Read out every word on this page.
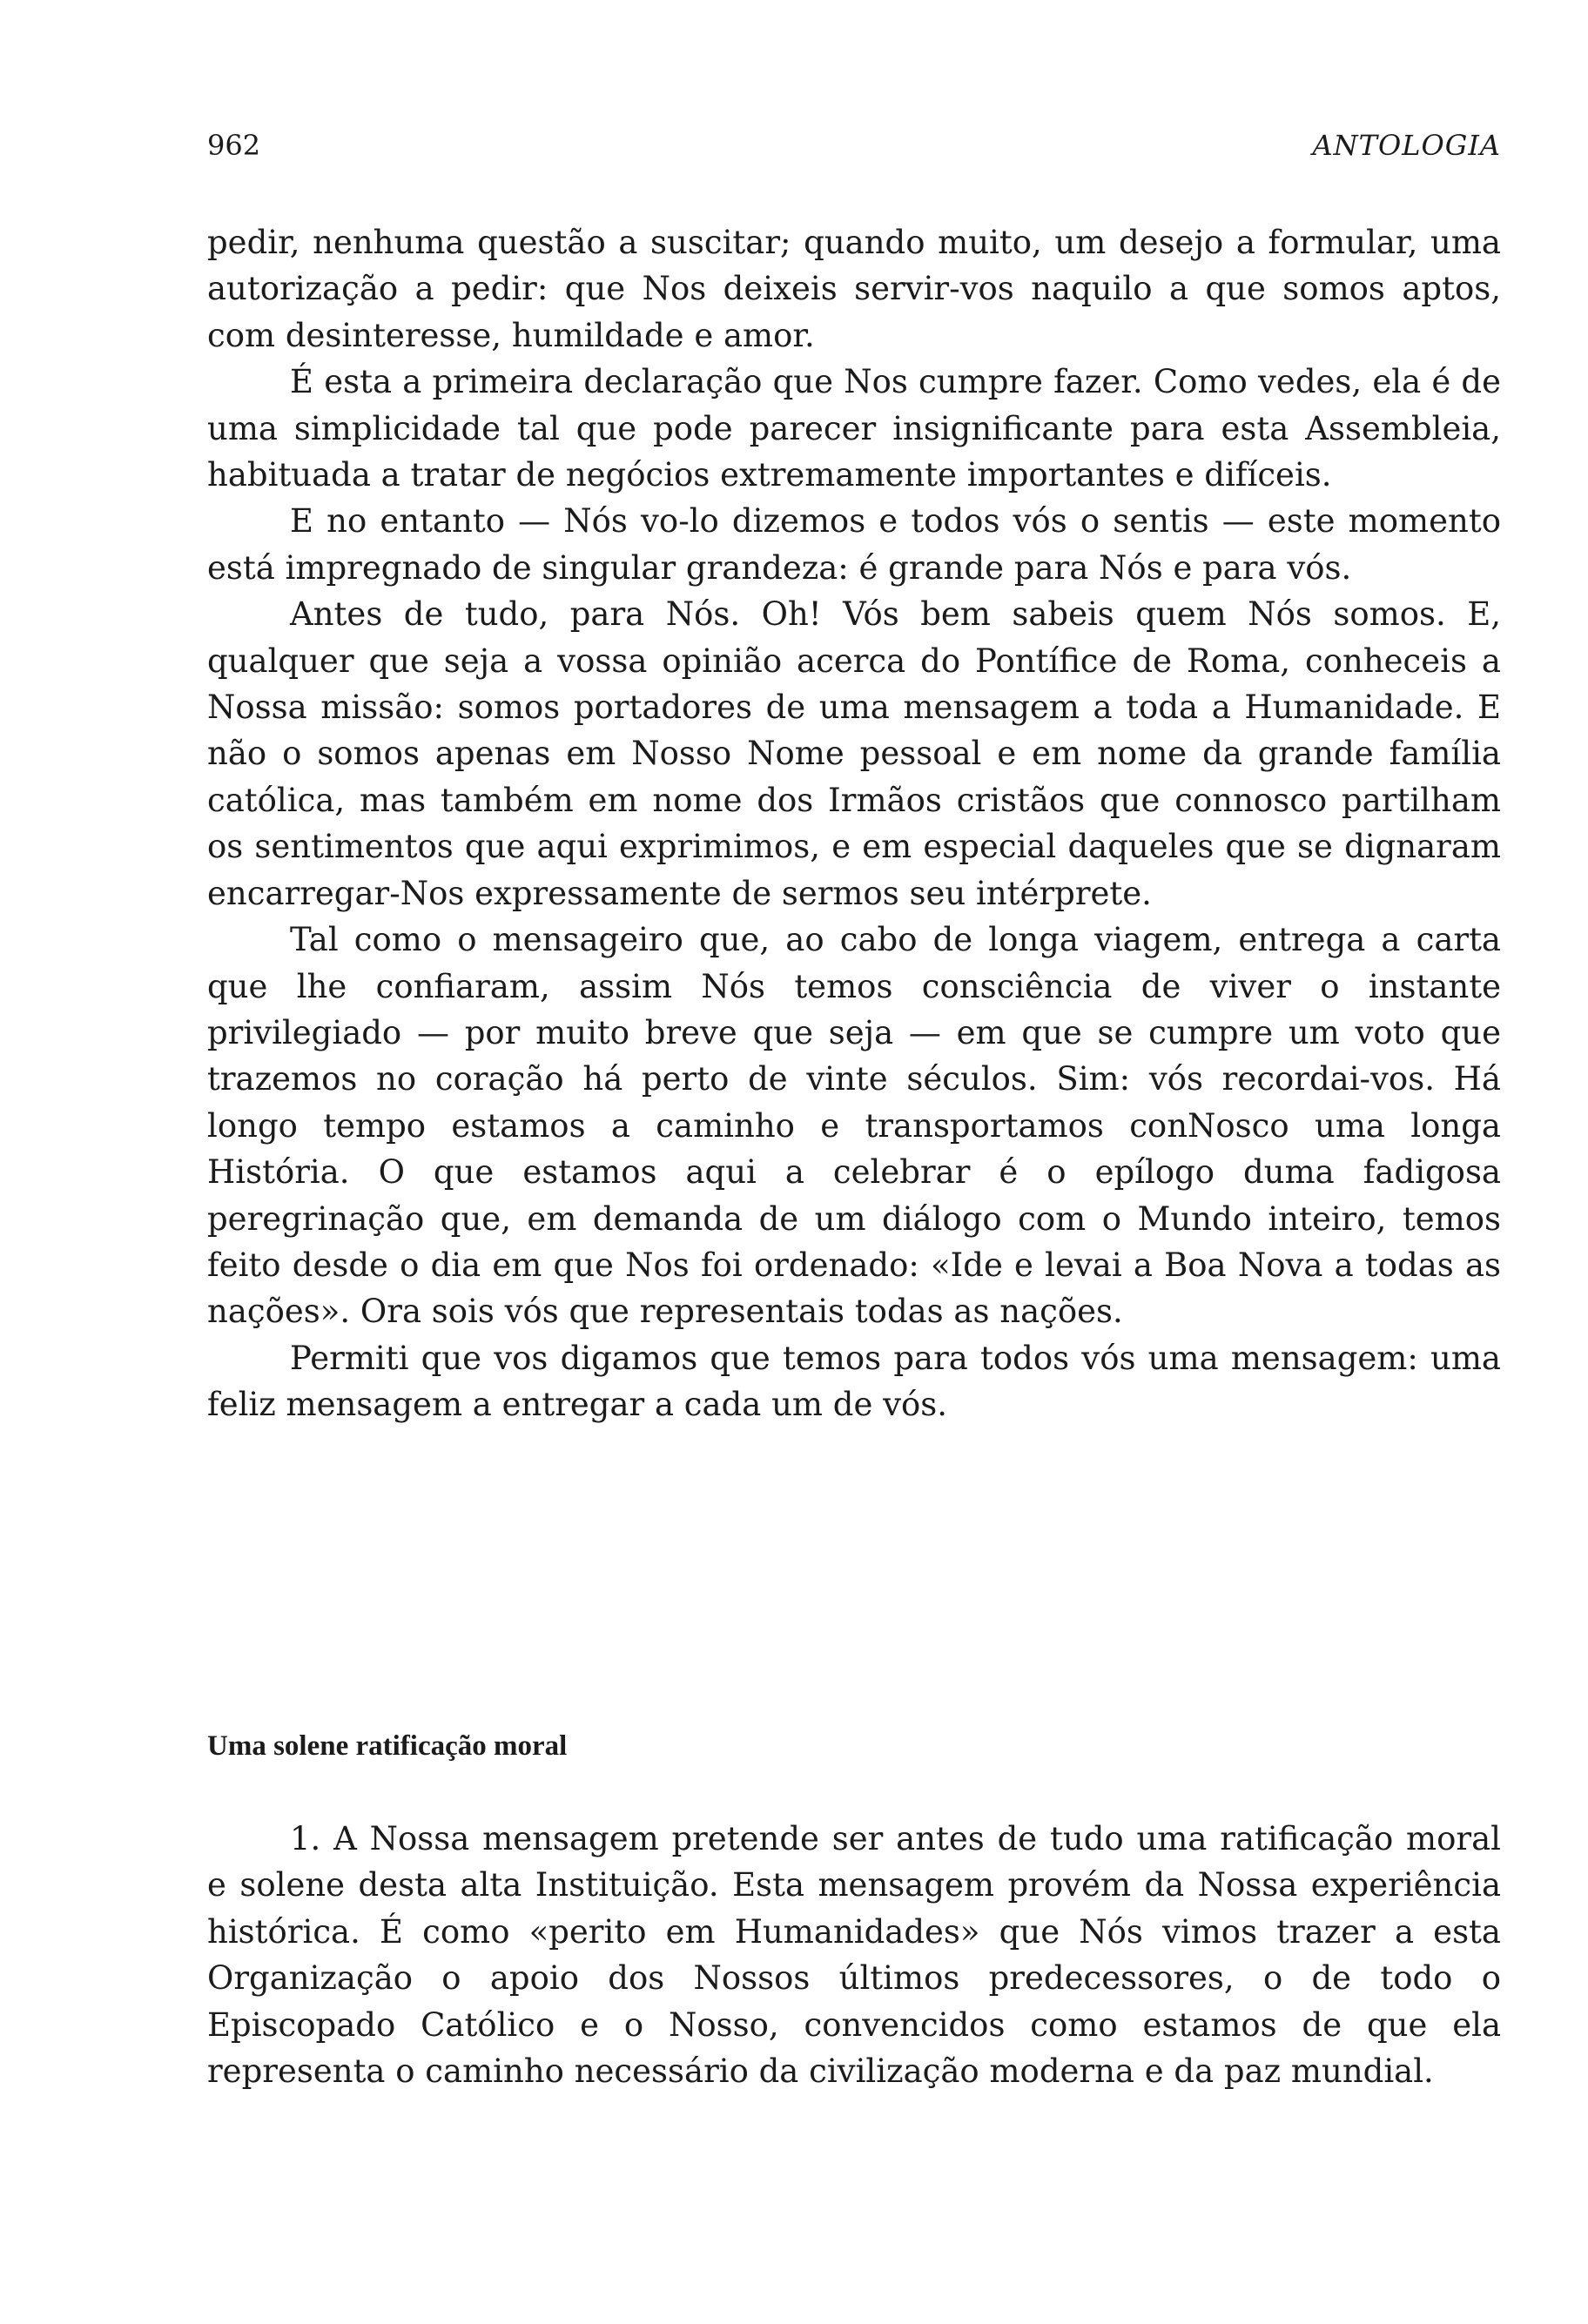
962	ANTOLOGIA

pedir, nenhuma questão a suscitar; quando muito, um desejo a formular, uma autorização a pedir: que Nos deixeis servir-vos naquilo a que somos aptos, com desinteresse, humildade e amor.

É esta a primeira declaração que Nos cumpre fazer. Como vedes, ela é de uma simplicidade tal que pode parecer insignificante para esta Assembleia, habituada a tratar de negócios extremamente importantes e difíceis.

E no entanto — Nós vo-lo dizemos e todos vós o sentis — este momento está impregnado de singular grandeza: é grande para Nós e para vós.

Antes de tudo, para Nós. Oh! Vós bem sabeis quem Nós somos. E, qualquer que seja a vossa opinião acerca do Pontífice de Roma, conheceis a Nossa missão: somos portadores de uma mensagem a toda a Humanidade. E não o somos apenas em Nosso Nome pessoal e em nome da grande família católica, mas também em nome dos Irmãos cristãos que connosco partilham os sentimentos que aqui exprimimos, e em especial daqueles que se dignaram encarregar-Nos expressamente de sermos seu intérprete.

Tal como o mensageiro que, ao cabo de longa viagem, entrega a carta que lhe confiaram, assim Nós temos consciência de viver o instante privilegiado — por muito breve que seja — em que se cumpre um voto que trazemos no coração há perto de vinte séculos. Sim: vós recordai-vos. Há longo tempo estamos a caminho e transportamos conNosco uma longa História. O que estamos aqui a celebrar é o epílogo duma fadigosa peregrinação que, em demanda de um diálogo com o Mundo inteiro, temos feito desde o dia em que Nos foi ordenado: «Ide e levai a Boa Nova a todas as nações». Ora sois vós que representais todas as nações.

Permiti que vos digamos que temos para todos vós uma mensagem: uma feliz mensagem a entregar a cada um de vós.

Uma solene ratificação moral

1. A Nossa mensagem pretende ser antes de tudo uma ratificação moral e solene desta alta Instituição. Esta mensagem provém da Nossa experiência histórica. É como «perito em Humanidades» que Nós vimos trazer a esta Organização o apoio dos Nossos últimos predecessores, o de todo o Episcopado Católico e o Nosso, convencidos como estamos de que ela representa o caminho necessário da civilização moderna e da paz mundial.
